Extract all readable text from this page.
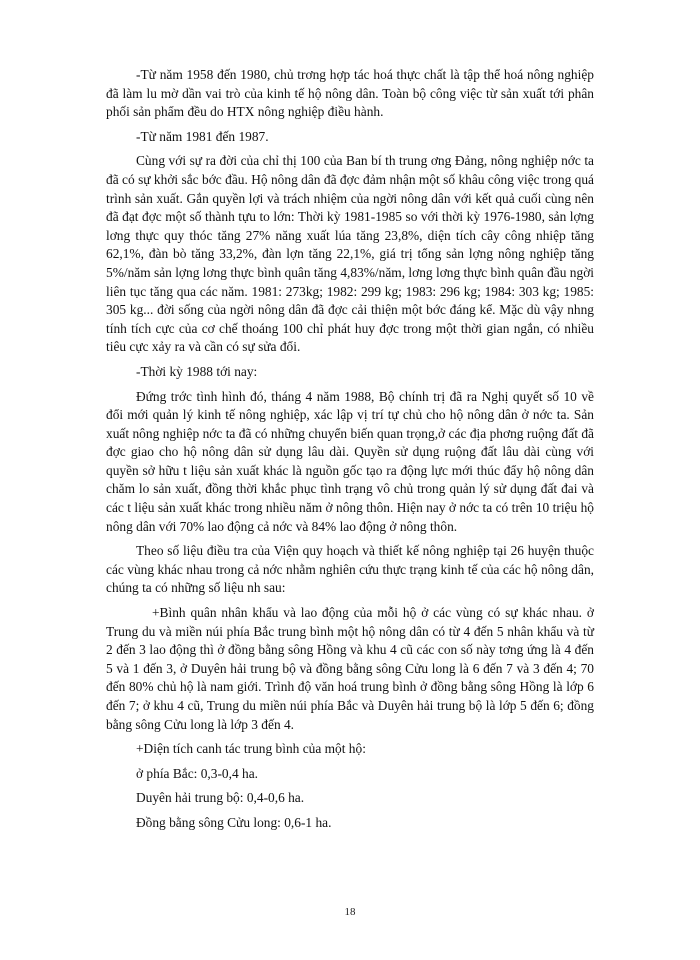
-Từ năm 1958 đến 1980, chủ trơng hợp tác hoá thực chất là tập thể hoá nông nghiệp đã làm lu mờ dần vai trò của kinh tế hộ nông dân. Toàn bộ công việc từ sản xuất tới phân phối sản phẩm đều do HTX nông nghiệp điều hành.

-Từ năm 1981 đến 1987.

Cùng với sự ra đời của chỉ thị 100 của Ban bí th trung ơng Đảng, nông nghiệp nớc ta đã có sự khởi sắc bớc đầu. Hộ nông dân đã đợc đảm nhận một số khâu công việc trong quá trình sản xuất. Gắn quyền lợi và trách nhiệm của ngời nông dân với kết quả cuối cùng nên đã đạt đợc một số thành tựu to lớn: Thời kỳ 1981-1985 so với thời kỳ 1976-1980, sản lợng lơng thực quy thóc tăng 27% năng xuất lúa tăng 23,8%, diện tích cây công nhiệp tăng 62,1%, đàn bò tăng 33,2%, đàn lợn tăng 22,1%, giá trị tổng sản lợng nông nghiệp tăng 5%/năm sản lợng lơng thực bình quân tăng 4,83%/năm, lơng lơng thực bình quân đầu ngời liên tục tăng qua các năm. 1981: 273kg; 1982: 299 kg; 1983: 296 kg; 1984: 303 kg; 1985: 305 kg... đời sống của ngời nông dân đã đợc cải thiện một bớc đáng kể. Mặc dù vậy nhng tính tích cực của cơ chế thoáng 100 chỉ phát huy đợc trong một thời gian ngắn, có nhiều tiêu cực xảy ra và cần có sự sửa đổi.

-Thời kỳ 1988 tới nay:

Đứng trớc tình hình đó, tháng 4 năm 1988, Bộ chính trị đã ra Nghị quyết số 10 về đổi mới quản lý kinh tế nông nghiệp, xác lập vị trí tự chủ cho hộ nông dân ở nớc ta. Sản xuất nông nghiệp nớc ta đã có những chuyển biến quan trọng,ở các địa phơng ruộng đất đã đợc giao cho hộ nông dân sử dụng lâu dài. Quyền sử dụng ruộng đất lâu dài cùng với quyền sở hữu t liệu sản xuất khác là nguồn gốc tạo ra động lực mới thúc đẩy hộ nông dân chăm lo sản xuất, đồng thời khắc phục tình trạng vô chủ trong quản lý sử dụng đất đai và các t liệu sản xuất khác trong nhiều năm ở nông thôn. Hiện nay ở nớc ta có trên 10 triệu hộ nông dân với 70% lao động cả nớc và 84% lao động ở nông thôn.

Theo số liệu điều tra của Viện quy hoạch và thiết kế nông nghiệp tại 26 huyện thuộc các vùng khác nhau trong cả nớc nhằm nghiên cứu thực trạng kinh tế của các hộ nông dân, chúng ta có những số liệu nh sau:

+Bình quân nhân khẩu và lao động của mỗi hộ ở các vùng có sự khác nhau. ở Trung du và miền núi phía Bắc trung bình một hộ nông dân có từ 4 đến 5 nhân khẩu và từ 2 đến 3 lao động thì ở đồng bằng sông Hồng và khu 4 cũ các con số này tơng ứng là 4 đến 5 và 1 đến 3, ở Duyên hải trung bộ và đồng bằng sông Cửu long là 6 đến 7 và 3 đến 4; 70 đến 80% chủ hộ là nam giới. Trình độ văn hoá trung bình ở đồng bằng sông Hồng là lớp 6 đến 7; ở khu 4 cũ, Trung du miền núi phía Bắc và Duyên hải trung bộ là lớp 5 đến 6; đồng bằng sông Cửu long là lớp 3 đến 4.

+Diện tích canh tác trung bình của một hộ:

ở phía Bắc: 0,3-0,4 ha.

Duyên hải trung bộ: 0,4-0,6 ha.

Đồng bằng sông Cửu long: 0,6-1 ha.

18
